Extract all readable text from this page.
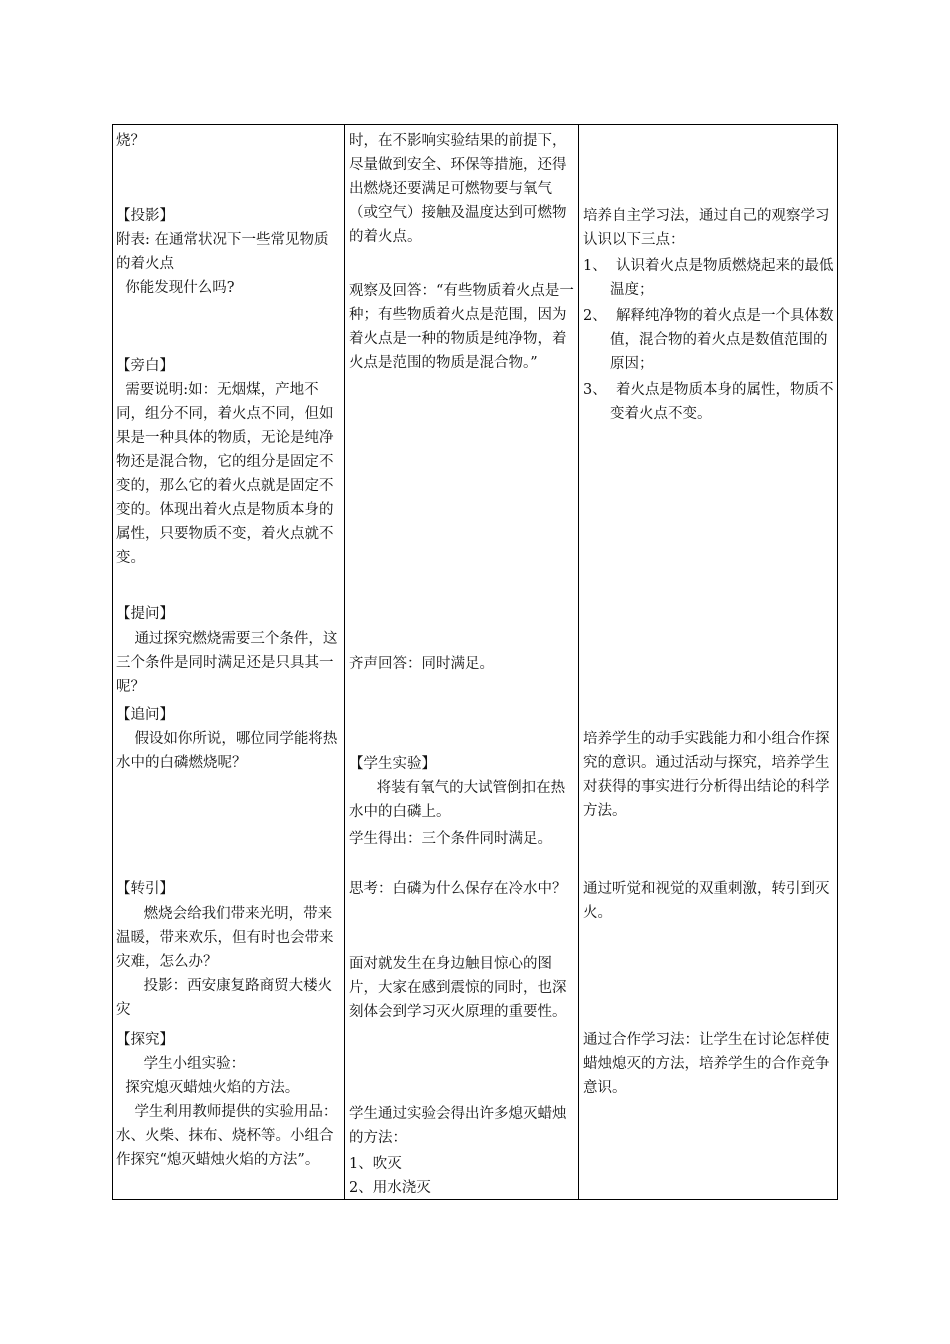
烧？

【投影】

附表: 在通常状况下一些常见物质的着火点
你能发现什么吗?

【旁白】

需要说明:如：无烟煤，产地不同，组分不同，着火点不同，但如果是一种具体的物质，无论是纯净物还是混合物，它的组分是固定不变的，那么它的着火点就是固定不变的。体现出着火点是物质本身的属性，只要物质不变，着火点就不变。

【提问】

通过探究燃烧需要三个条件，这三个条件是同时满足还是只具其一呢？

【追问】

假设如你所说，哪位同学能将热水中的白磷燃烧呢？

【转引】

燃烧会给我们带来光明，带来温暖，带来欢乐，但有时也会带来灾难，怎么办？
投影：西安康复路商贸大楼火灾

【探究】

学生小组实验：
探究熄灭蜡烛火焰的方法。
学生利用教师提供的实验用品：水、火柴、抹布、烧杯等。小组合作探究“熄灭蜡烛火焰的方法”。

时，在不影响实验结果的前提下，尽量做到安全、环保等措施，还得出燃烧还要满足可燃物要与氧气（或空气）接触及温度达到可燃物的着火点。

观察及回答：“有些物质着火点是一种；有些物质着火点是范围，因为着火点是一种的物质是纯净物，着火点是范围的物质是混合物。”

齐声回答：同时满足。

【学生实验】

将装有氧气的大试管倒扣在热水中的白磷上。

学生得出：三个条件同时满足。

思考：白磷为什么保存在冷水中？

面对就发生在身边触目惊心的图片，大家在感到震惊的同时，也深刻体会到学习灭火原理的重要性。

学生通过实验会得出许多熄灭蜡烛的方法：

1、吹灭

2、用水浇灭

培养自主学习法，通过自己的观察学习认识以下三点：

1、  认识着火点是物质燃烧起来的最低温度；

2、  解释纯净物的着火点是一个具体数值，混合物的着火点是数值范围的原因；

3、  着火点是物质本身的属性，物质不变着火点不变。

培养学生的动手实践能力和小组合作探究的意识。通过活动与探究，培养学生对获得的事实进行分析得出结论的科学方法。

通过听觉和视觉的双重刺激，转引到灭火。

通过合作学习法：让学生在讨论怎样使蜡烛熄灭的方法，培养学生的合作竞争意识。
